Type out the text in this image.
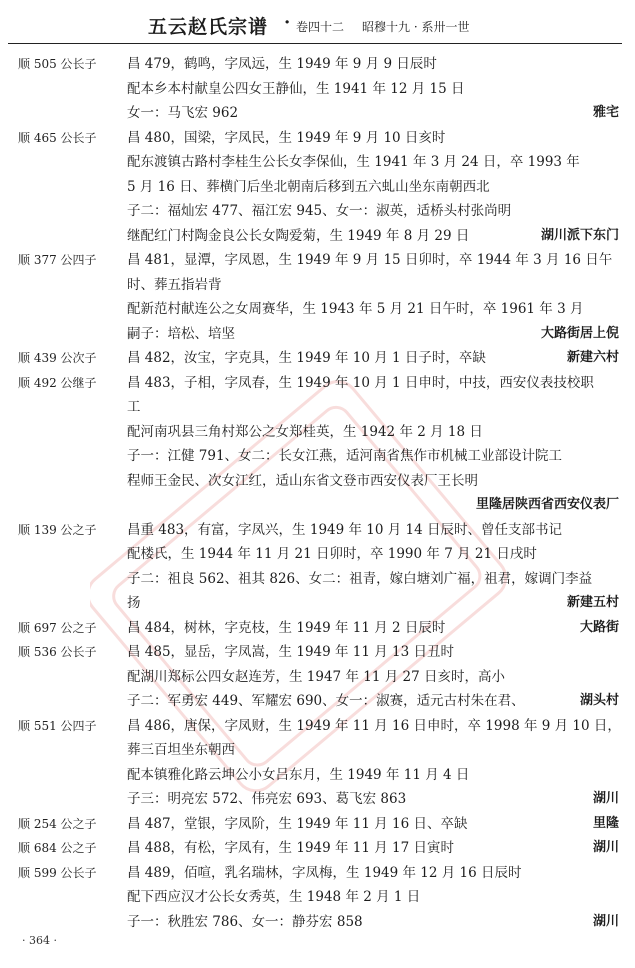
五云赵氏宗谱 · 卷四十二 昭穆十九 · 系卅一世
顺 505 公长子 昌 479，鹤鸣，字凤远，生 1949 年 9 月 9 日辰时
配本乡本村献皇公四女王静仙，生 1941 年 12 月 15 日
女一：马飞宏 962	雅宅
顺 465 公长子 昌 480，国梁，字凤民，生 1949 年 9 月 10 日亥时
配东渡镇古路村李桂生公长女李保仙，生 1941 年 3 月 24 日，卒 1993 年
5 月 16 日、葬横门后坐北朝南后移到五六虬山坐东南朝西北
子二：福灿宏 477、福江宏 945、女一：淑英，适桥头村张尚明
继配红门村陶金良公长女陶爱菊，生 1949 年 8 月 29 日	湖川派下东门
顺 377 公四子 昌 481，显潭，字凤恩，生 1949 年 9 月 15 日卯时，卒 1944 年 3 月 16 日午
时、葬五指岩背
配新范村献连公之女周赛华，生 1943 年 5 月 21 日午时，卒 1961 年 3 月
嗣子：培松、培坚	大路街居上倪
顺 439 公次子 昌 482，汝宝，字克具，生 1949 年 10 月 1 日子时，卒缺	新建六村
顺 492 公继子 昌 483，子相，字凤春，生 1949 年 10 月 1 日申时，中技，西安仪表技校职
工
配河南巩县三角村郑公之女郑桂英，生 1942 年 2 月 18 日
子一：江健 791、女二：长女江燕，适河南省焦作市机械工业部设计院工
程师王金民、次女江红，适山东省文登市西安仪表厂王长明
里隆居陕西省西安仪表厂
顺 139 公之子 昌重 483，有富，字凤兴，生 1949 年 10 月 14 日辰时、曾任支部书记
配楼氏，生 1944 年 11 月 21 日卯时，卒 1990 年 7 月 21 日戌时
子二：祖良 562、祖其 826、女二：祖青，嫁白塘刘广福，祖君，嫁调门李益
扬	新建五村
顺 697 公之子 昌 484，树林，字克枝，生 1949 年 11 月 2 日辰时	大路街
顺 536 公长子 昌 485，显岳，字凤嵩，生 1949 年 11 月 13 日丑时
配湖川郑标公四女赵连芳，生 1947 年 11 月 27 日亥时，高小
子二：军勇宏 449、军耀宏 690、女一：淑赛，适元古村朱在君、	湖头村
顺 551 公四子 昌 486，唐保，字凤财，生 1949 年 11 月 16 日申时，卒 1998 年 9 月 10 日，
葬三百坦坐东朝西
配本镇雅化路云坤公小女吕东月，生 1949 年 11 月 4 日
子三：明亮宏 572、伟亮宏 693、葛飞宏 863	湖川
顺 254 公之子 昌 487，堂银，字凤阶，生 1949 年 11 月 16 日、卒缺	里隆
顺 684 公之子 昌 488，有松，字凤有，生 1949 年 11 月 17 日寅时	湖川
顺 599 公长子 昌 489，佰喧，乳名瑞林，字凤梅，生 1949 年 12 月 16 日辰时
配下西应汉才公长女秀英，生 1948 年 2 月 1 日
子一：秋胜宏 786、女一：静芬宏 858	湖川
· 364 ·
